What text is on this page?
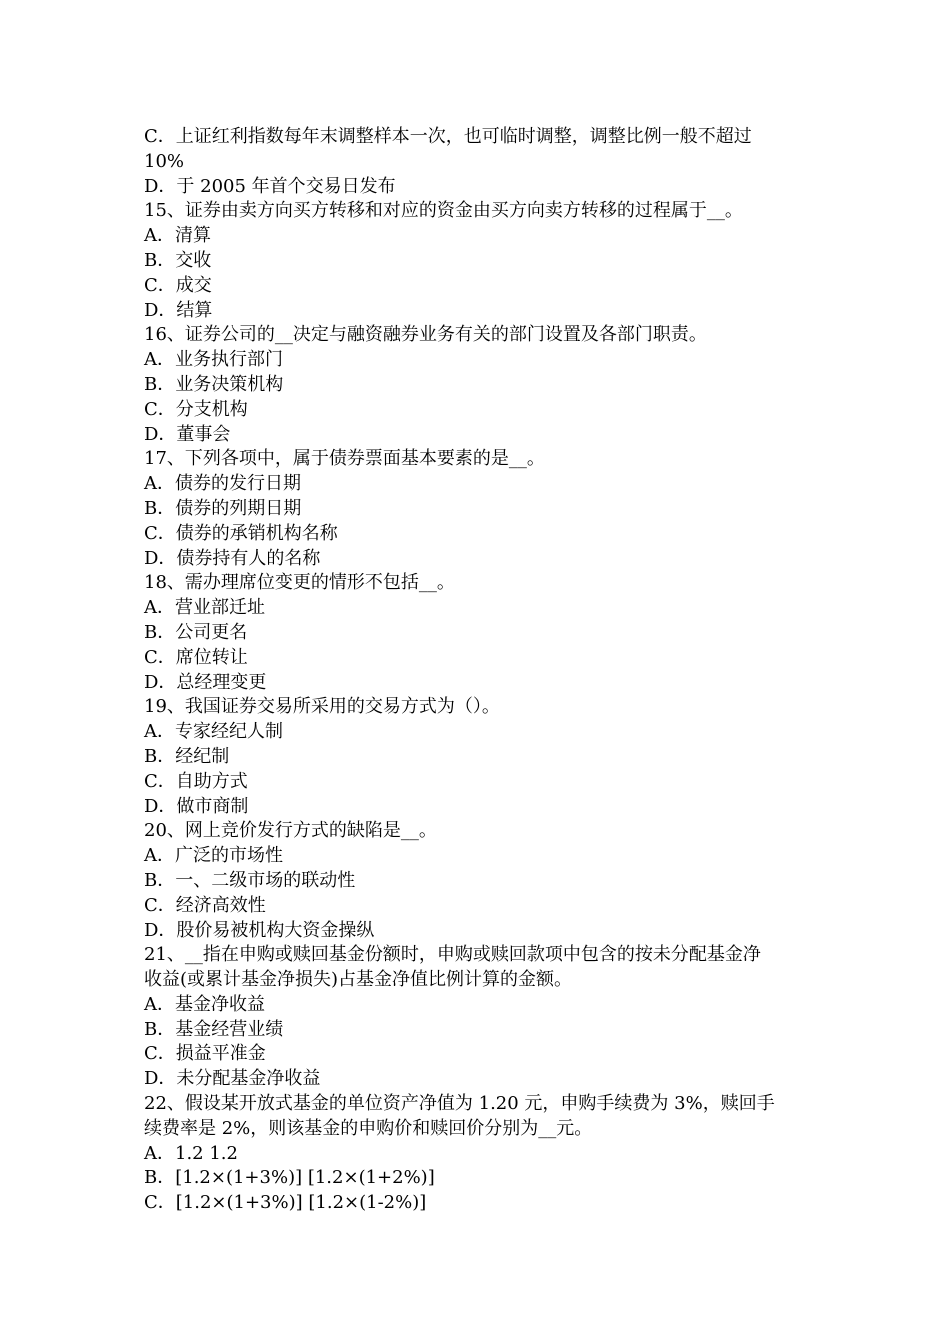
C．上证红利指数每年末调整样本一次，也可临时调整，调整比例一般不超过
10%
D．于 2005 年首个交易日发布
15、证券由卖方向买方转移和对应的资金由买方向卖方转移的过程属于__。
A．清算
B．交收
C．成交
D．结算
16、证券公司的__决定与融资融券业务有关的部门设置及各部门职责。
A．业务执行部门
B．业务决策机构
C．分支机构
D．董事会
17、下列各项中，属于债券票面基本要素的是__。
A．债券的发行日期
B．债券的列期日期
C．债券的承销机构名称
D．债券持有人的名称
18、需办理席位变更的情形不包括__。
A．营业部迁址
B．公司更名
C．席位转让
D．总经理变更
19、我国证券交易所采用的交易方式为（）。
A．专家经纪人制
B．经纪制
C．自助方式
D．做市商制
20、网上竞价发行方式的缺陷是__。
A．广泛的市场性
B．一、二级市场的联动性
C．经济高效性
D．股价易被机构大资金操纵
21、__指在申购或赎回基金份额时，申购或赎回款项中包含的按未分配基金净
收益(或累计基金净损失)占基金净值比例计算的金额。
A．基金净收益
B．基金经营业绩
C．损益平准金
D．未分配基金净收益
22、假设某开放式基金的单位资产净值为 1.20 元，申购手续费为 3%，赎回手
续费率是 2%，则该基金的申购价和赎回价分别为__元。
A．1.2 1.2
B．[1.2×(1+3%)] [1.2×(1+2%)]
C．[1.2×(1+3%)] [1.2×(1-2%)]
